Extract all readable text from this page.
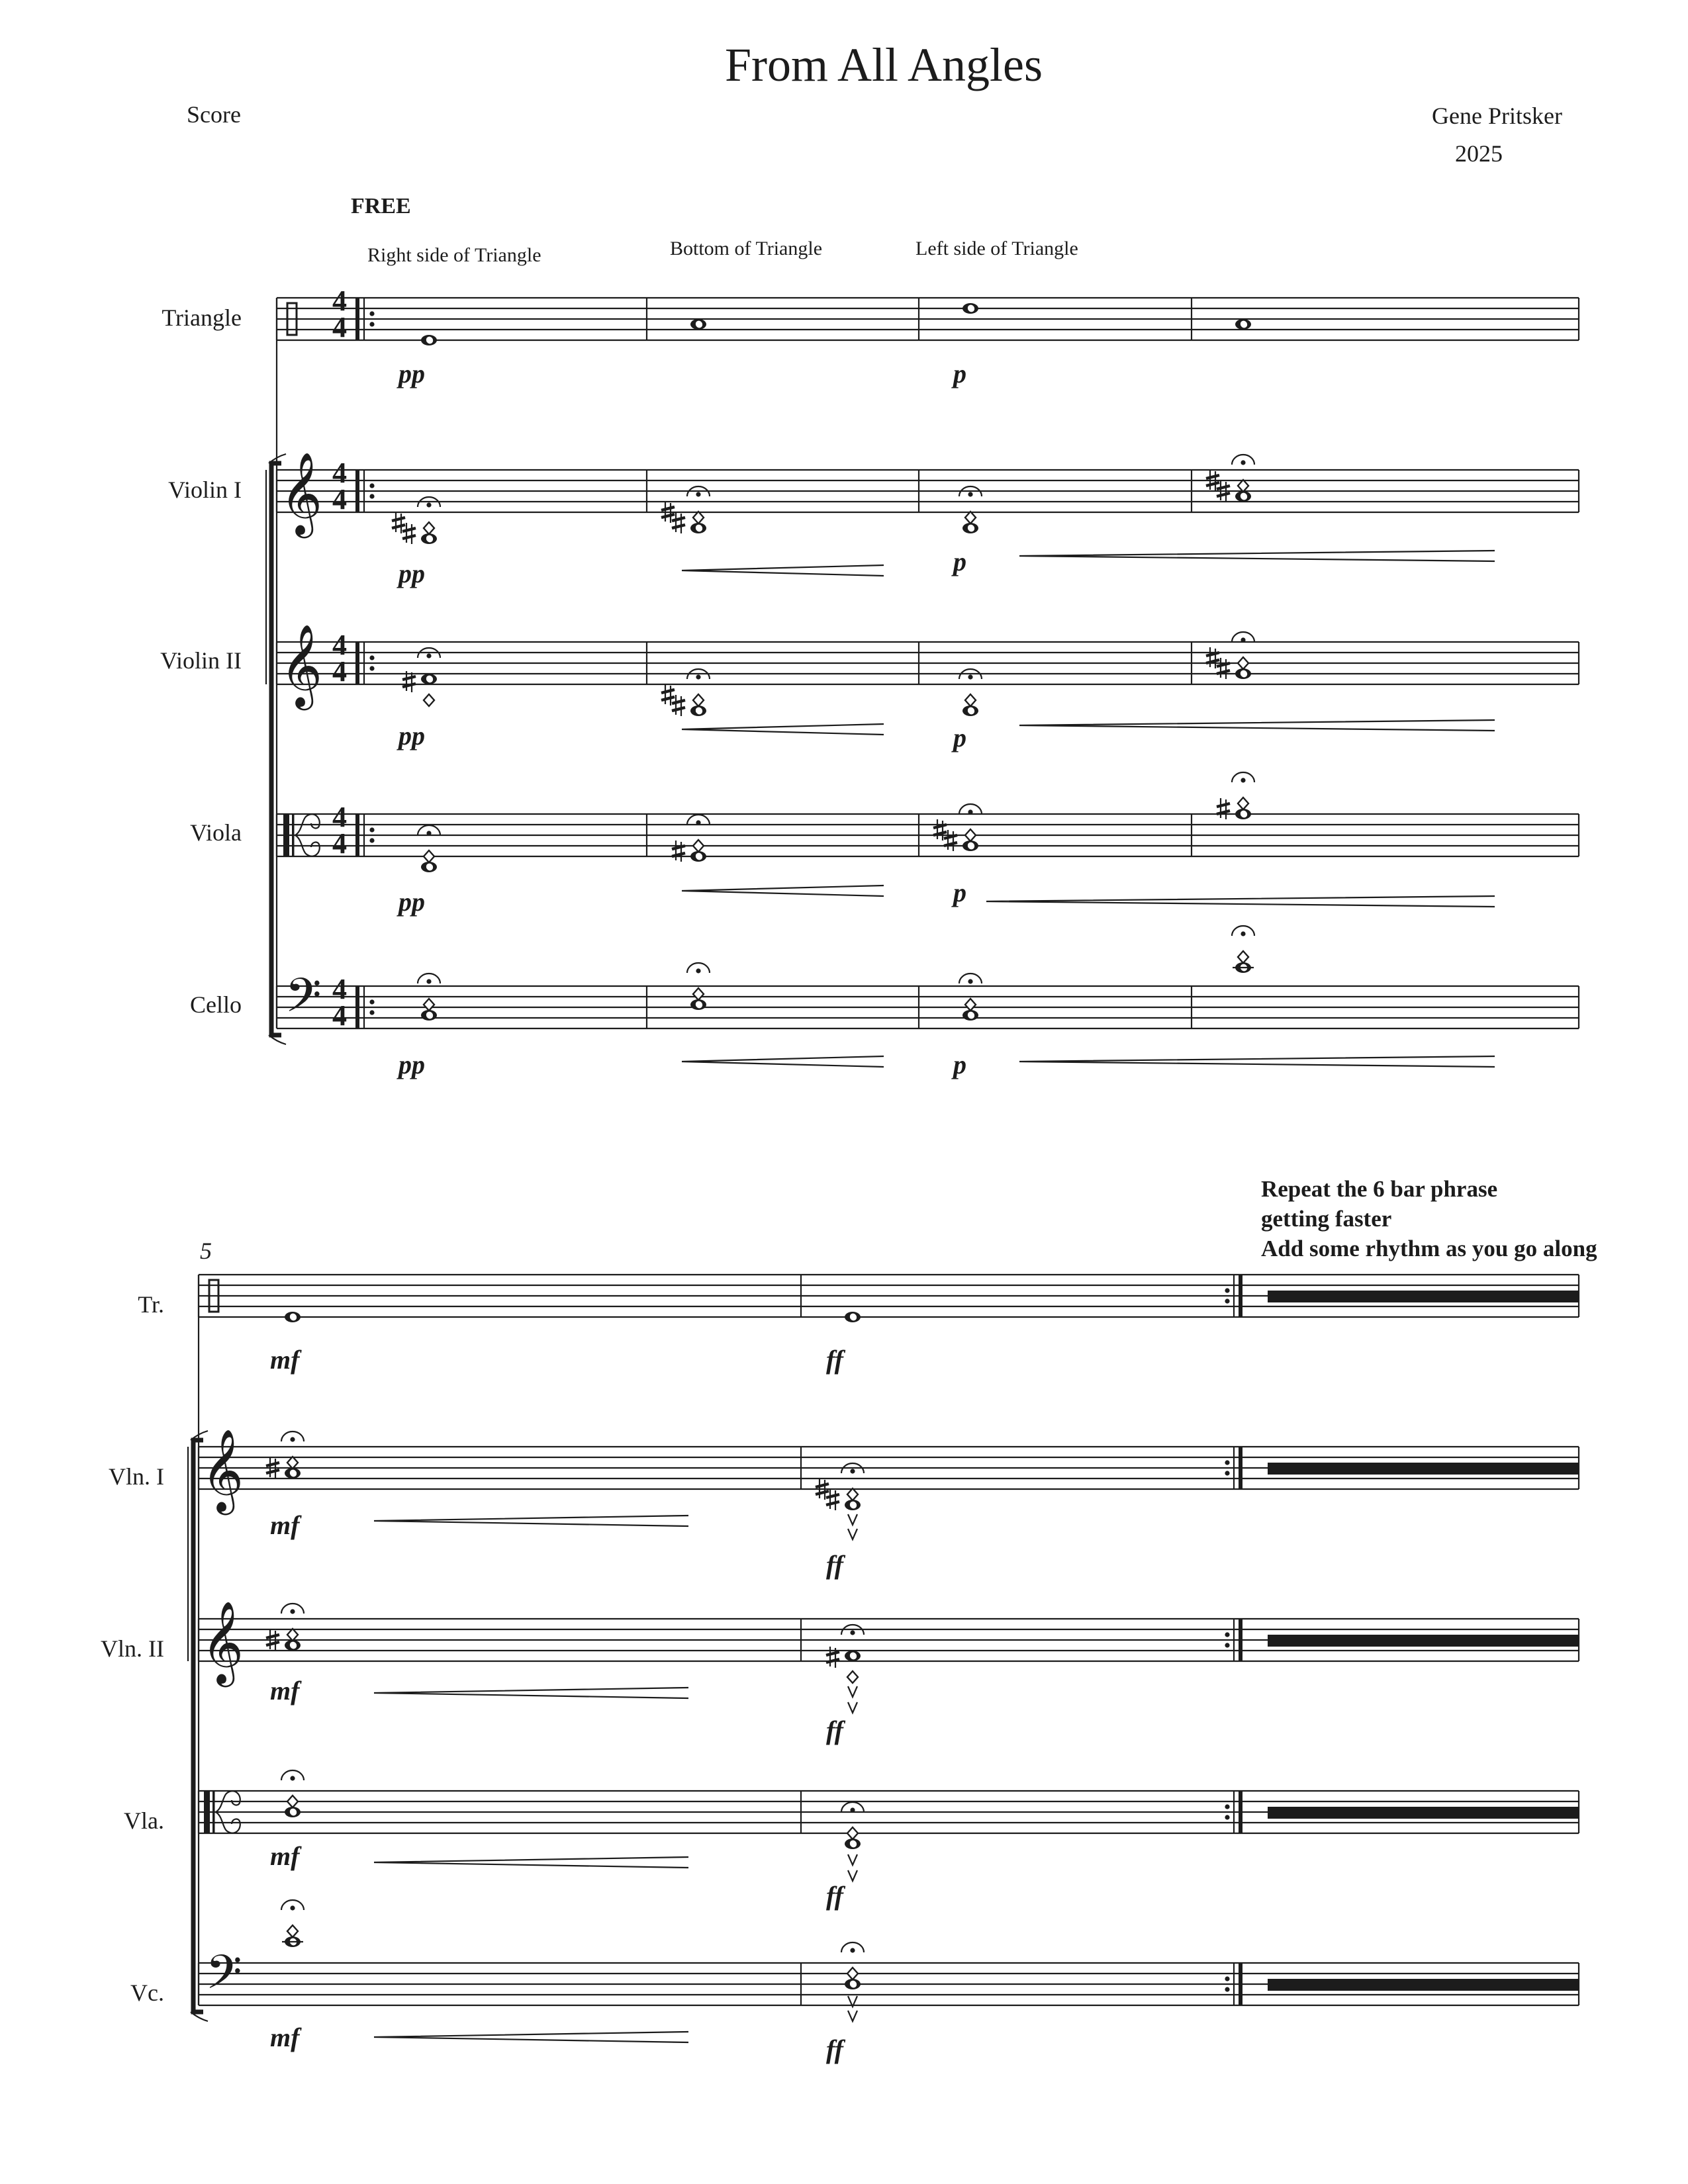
From All Angles
Score	Gene Pritsker
2025
FREE
Right side of Triangle	Bottom of Triangle	Left side of Triangle
𝄞
𝄞
𝄢
Triangle
Violin I
Violin II
Viola
Cello
4
4
4
4
4
4
4
4
4
4
pp	p
pp	p
pp	p
pp	p
pp	p
5
Repeat the 6 bar phrase
getting faster
Add some rhythm as you go along
𝄞
𝄞
𝄢
Tr.
Vln. I
Vln. II
Vla.
Vc.
mf	ff
mf
ff
mf
ff
mf
ff
mf	ff
